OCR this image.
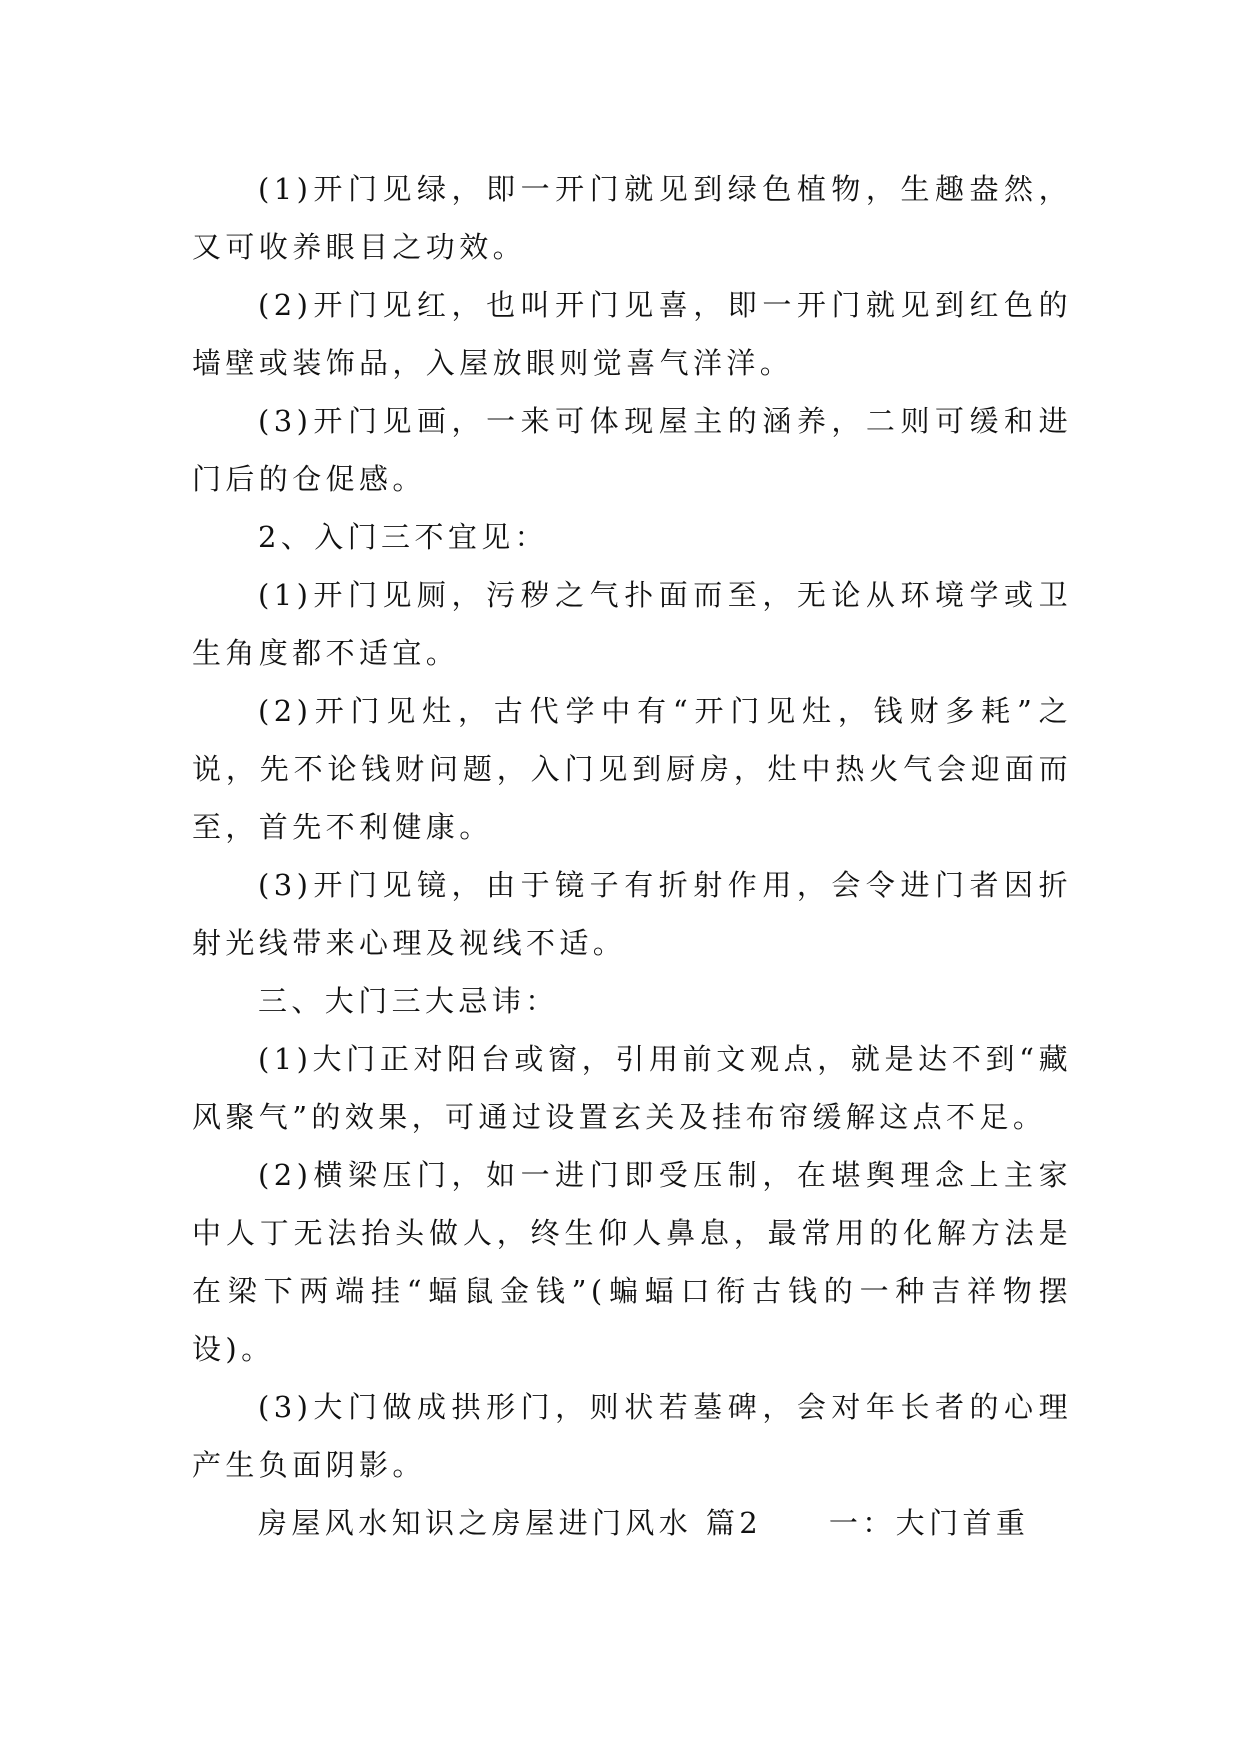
(1)开门见绿，即一开门就见到绿色植物，生趣盎然，又可收养眼目之功效。

(2)开门见红，也叫开门见喜，即一开门就见到红色的墙壁或装饰品，入屋放眼则觉喜气洋洋。

(3)开门见画，一来可体现屋主的涵养，二则可缓和进门后的仓促感。

2、入门三不宜见：

(1)开门见厕，污秽之气扑面而至，无论从环境学或卫生角度都不适宜。

(2)开门见灶，古代学中有“开门见灶，钱财多耗”之说，先不论钱财问题，入门见到厨房，灶中热火气会迎面而至，首先不利健康。

(3)开门见镜，由于镜子有折射作用，会令进门者因折射光线带来心理及视线不适。

三、大门三大忌讳：

(1)大门正对阳台或窗，引用前文观点，就是达不到“藏风聚气”的效果，可通过设置玄关及挂布帘缓解这点不足。

(2)横梁压门，如一进门即受压制，在堪舆理念上主家中人丁无法抬头做人，终生仰人鼻息，最常用的化解方法是在梁下两端挂“蝠鼠金钱”(蝙蝠口衔古钱的一种吉祥物摆设)。

(3)大门做成拱形门，则状若墓碑，会对年长者的心理产生负面阴影。

房屋风水知识之房屋进门风水 篇2　　一：大门首重
